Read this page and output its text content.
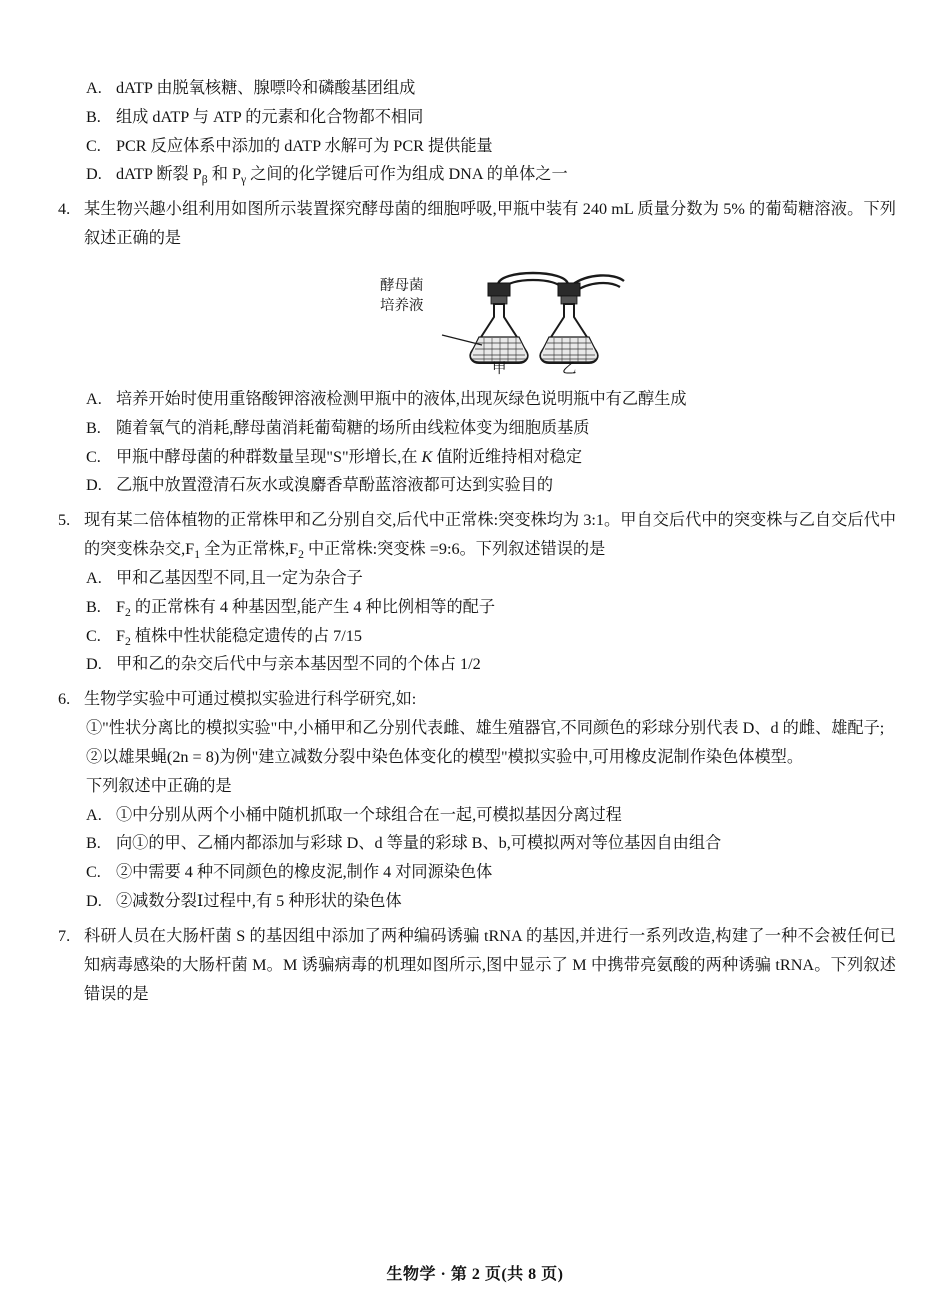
A. dATP 由脱氧核糖、腺嘌呤和磷酸基团组成
B. 组成 dATP 与 ATP 的元素和化合物都不相同
C. PCR 反应体系中添加的 dATP 水解可为 PCR 提供能量
D. dATP 断裂 $P_\beta$ 和 $P_\gamma$ 之间的化学键后可作为组成 DNA 的单体之一
4. 某生物兴趣小组利用如图所示装置探究酵母菌的细胞呼吸,甲瓶中装有 240 mL 质量分数为 5% 的葡萄糖溶液。下列叙述正确的是
酵母菌
培养液
甲	乙
A. 培养开始时使用重铬酸钾溶液检测甲瓶中的液体,出现灰绿色说明瓶中有乙醇生成
B. 随着氧气的消耗,酵母菌消耗葡萄糖的场所由线粒体变为细胞质基质
C. 甲瓶中酵母菌的种群数量呈现"S"形增长,在 K 值附近维持相对稳定
D. 乙瓶中放置澄清石灰水或溴麝香草酚蓝溶液都可达到实验目的
5. 现有某二倍体植物的正常株甲和乙分别自交,后代中正常株:突变株均为 3:1。甲自交后代中的突变株与乙自交后代中的突变株杂交$,F_1$ 全为正常株$,F_2$ 中正常株:突变株 =9:6。下列叙述错误的是
A. 甲和乙基因型不同,且一定为杂合子
B. $F_2$ 的正常株有 4 种基因型,能产生 4 种比例相等的配子
C. $F_2$ 植株中性状能稳定遗传的占 7/15
D. 甲和乙的杂交后代中与亲本基因型不同的个体占 1/2
6. 生物学实验中可通过模拟实验进行科学研究,如:
①"性状分离比的模拟实验"中,小桶甲和乙分别代表雌、雄生殖器官,不同颜色的彩球分别代表 D、d 的雌、雄配子;
②以雄果蝇(2n = 8)为例"建立减数分裂中染色体变化的模型"模拟实验中,可用橡皮泥制作染色体模型。
下列叙述中正确的是
A. ①中分别从两个小桶中随机抓取一个球组合在一起,可模拟基因分离过程
B. 向①的甲、乙桶内都添加与彩球 D、d 等量的彩球 B、b,可模拟两对等位基因自由组合
C. ②中需要 4 种不同颜色的橡皮泥,制作 4 对同源染色体
D. ②减数分裂Ⅰ过程中,有 5 种形状的染色体
7. 科研人员在大肠杆菌 S 的基因组中添加了两种编码诱骗 tRNA 的基因,并进行一系列改造,构建了一种不会被任何已知病毒感染的大肠杆菌 M。M 诱骗病毒的机理如图所示,图中显示了 M 中携带亮氨酸的两种诱骗 tRNA。下列叙述错误的是
生物学 · 第 2 页(共 8 页)
